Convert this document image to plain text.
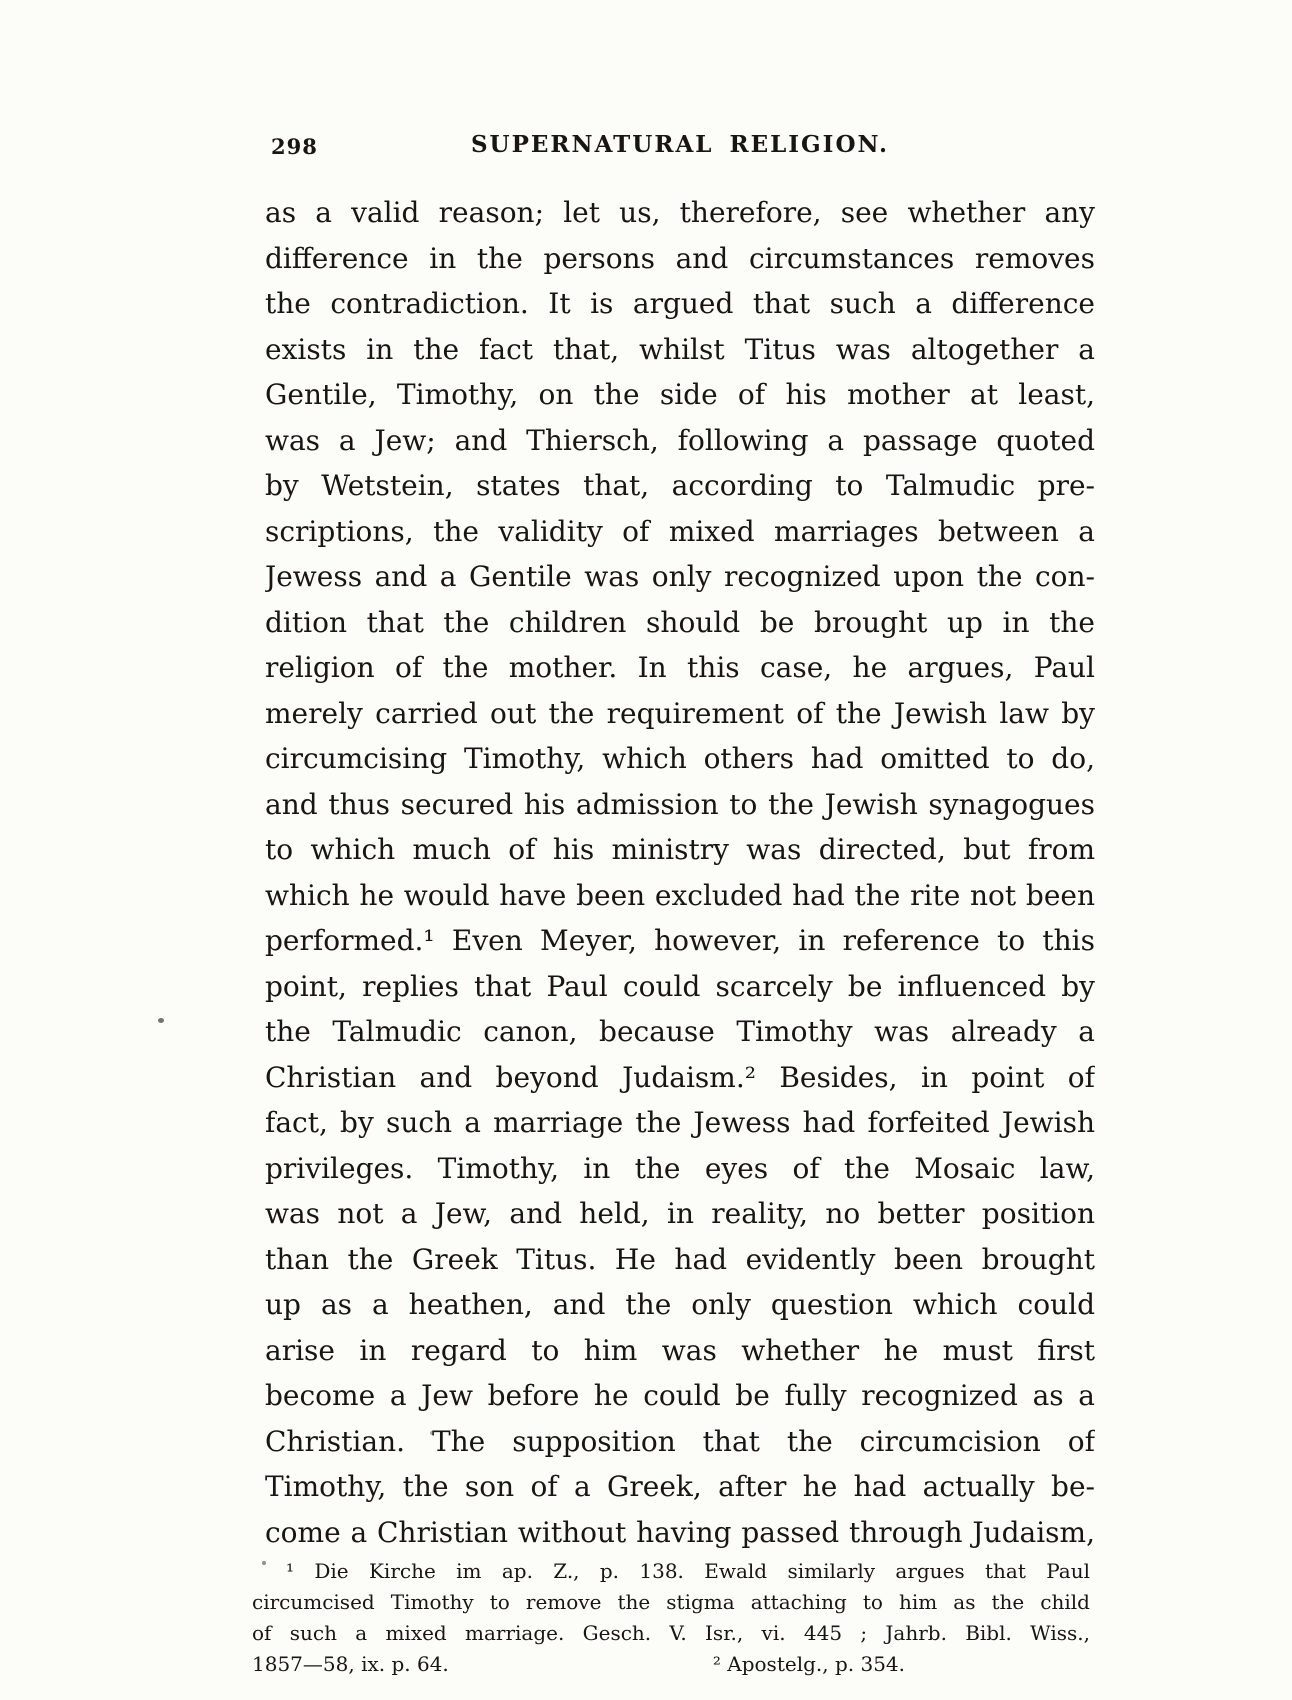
298	SUPERNATURAL RELIGION.
as a valid reason; let us, therefore, see whether any
difference in the persons and circumstances removes
the contradiction. It is argued that such a difference
exists in the fact that, whilst Titus was altogether a
Gentile, Timothy, on the side of his mother at least,
was a Jew; and Thiersch, following a passage quoted
by Wetstein, states that, according to Talmudic pre-
scriptions, the validity of mixed marriages between a
Jewess and a Gentile was only recognized upon the con-
dition that the children should be brought up in the
religion of the mother. In this case, he argues, Paul
merely carried out the requirement of the Jewish law by
circumcising Timothy, which others had omitted to do,
and thus secured his admission to the Jewish synagogues
to which much of his ministry was directed, but from
which he would have been excluded had the rite not been
performed.¹ Even Meyer, however, in reference to this
point, replies that Paul could scarcely be influenced by
the Talmudic canon, because Timothy was already a
Christian and beyond Judaism.² Besides, in point of
fact, by such a marriage the Jewess had forfeited Jewish
privileges. Timothy, in the eyes of the Mosaic law,
was not a Jew, and held, in reality, no better position
than the Greek Titus. He had evidently been brought
up as a heathen, and the only question which could
arise in regard to him was whether he must first
become a Jew before he could be fully recognized as a
Christian. The supposition that the circumcision of
Timothy, the son of a Greek, after he had actually be-
come a Christian without having passed through Judaism,
¹ Die Kirche im ap. Z., p. 138. Ewald similarly argues that Paul
circumcised Timothy to remove the stigma attaching to him as the child
of such a mixed marriage. Gesch. V. Isr., vi. 445 ; Jahrb. Bibl. Wiss.,
1857—58, ix. p. 64.	² Apostelg., p. 354.
